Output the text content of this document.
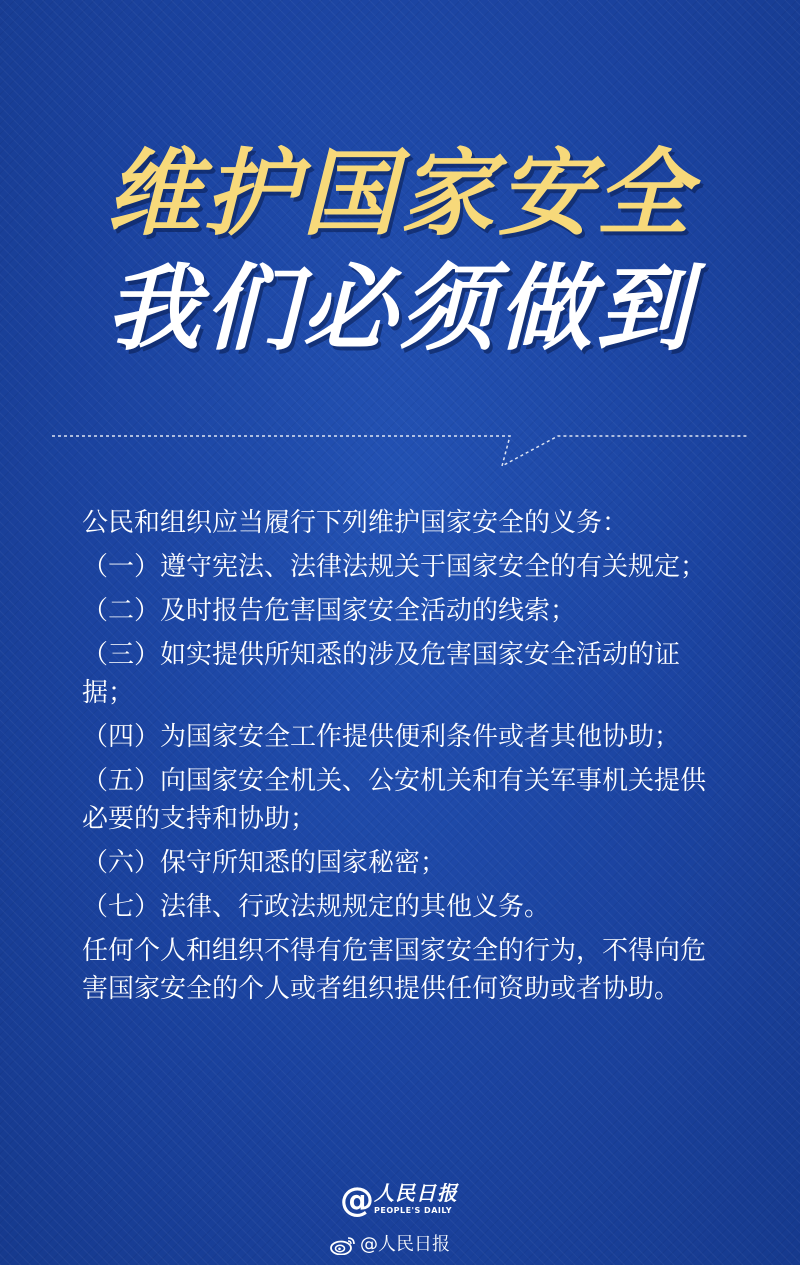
维护国家安全
我们必须做到

公民和组织应当履行下列维护国家安全的义务：

（一）遵守宪法、法律法规关于国家安全的有关规定；

（二）及时报告危害国家安全活动的线索；

（三）如实提供所知悉的涉及危害国家安全活动的证据；

（四）为国家安全工作提供便利条件或者其他协助；

（五）向国家安全机关、公安机关和有关军事机关提供必要的支持和协助；

（六）保守所知悉的国家秘密；

（七）法律、行政法规规定的其他义务。

任何个人和组织不得有危害国家安全的行为，不得向危害国家安全的个人或者组织提供任何资助或者协助。

@ 人民日报
PEOPLE'S DAILY
@人民日报
